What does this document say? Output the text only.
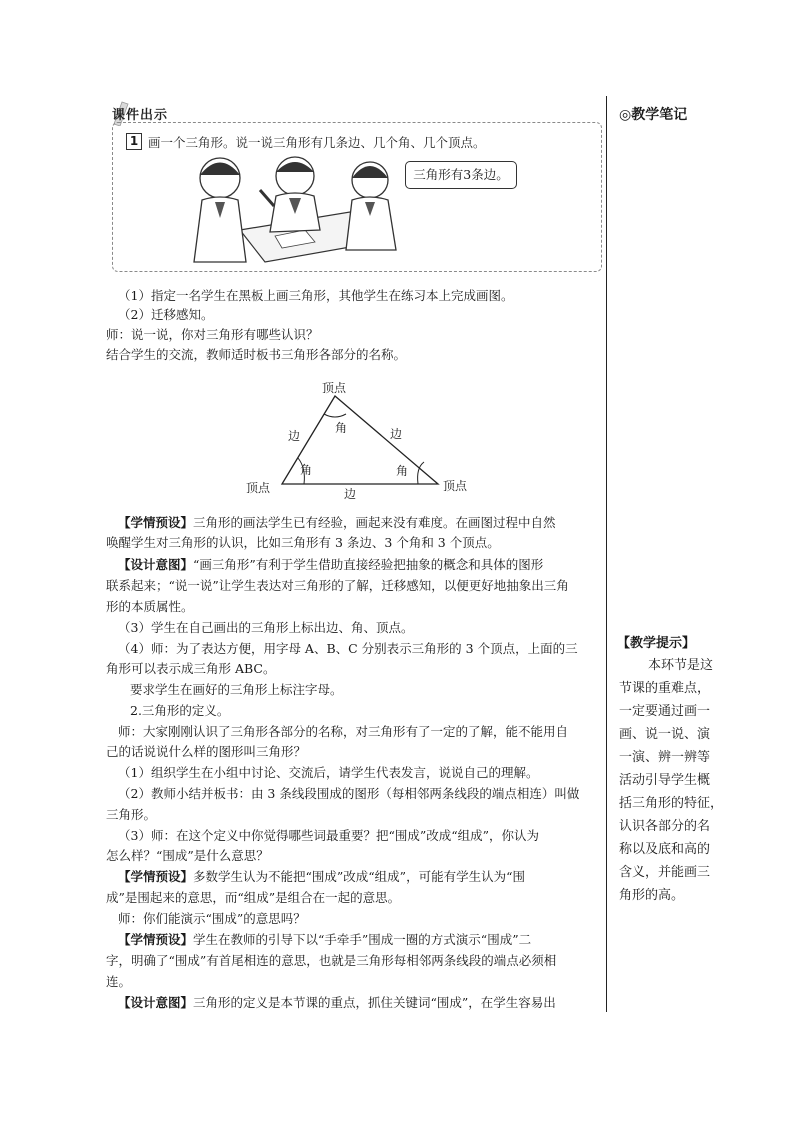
课件出示
1 画一个三角形。说一说三角形有几条边、几个角、几个顶点。
三角形有3条边。
（1）指定一名学生在黑板上画三角形，其他学生在练习本上完成画图。
（2）迁移感知。
师：说一说，你对三角形有哪些认识？
结合学生的交流，教师适时板书三角形各部分的名称。
顶点
顶点	顶点
边	边
边
角
角	角
【学情预设】三角形的画法学生已有经验，画起来没有难度。在画图过程中自然
唤醒学生对三角形的认识，比如三角形有 3 条边、3 个角和 3 个顶点。
【设计意图】“画三角形”有利于学生借助直接经验把抽象的概念和具体的图形
联系起来；“说一说”让学生表达对三角形的了解，迁移感知，以便更好地抽象出三角
形的本质属性。
（3）学生在自己画出的三角形上标出边、角、顶点。
（4）师：为了表达方便，用字母 A、B、C 分别表示三角形的 3 个顶点，上面的三
角形可以表示成三角形 ABC。
要求学生在画好的三角形上标注字母。
2.三角形的定义。
师：大家刚刚认识了三角形各部分的名称，对三角形有了一定的了解，能不能用自
己的话说说什么样的图形叫三角形？
（1）组织学生在小组中讨论、交流后，请学生代表发言，说说自己的理解。
（2）教师小结并板书：由 3 条线段围成的图形（每相邻两条线段的端点相连）叫做
三角形。
（3）师：在这个定义中你觉得哪些词最重要？把“围成”改成“组成”，你认为
怎么样？“围成”是什么意思？
【学情预设】多数学生认为不能把“围成”改成“组成”，可能有学生认为“围
成”是围起来的意思，而“组成”是组合在一起的意思。
师：你们能演示“围成”的意思吗？
【学情预设】学生在教师的引导下以“手牵手”围成一圈的方式演示“围成”二
字，明确了“围成”有首尾相连的意思，也就是三角形每相邻两条线段的端点必须相
连。
【设计意图】三角形的定义是本节课的重点，抓住关键词“围成”，在学生容易出
◎教学笔记
【教学提示】
本环节是这
节课的重难点，
一定要通过画一
画、说一说、演
一演、辨一辨等
活动引导学生概
括三角形的特征，
认识各部分的名
称以及底和高的
含义，并能画三
角形的高。
